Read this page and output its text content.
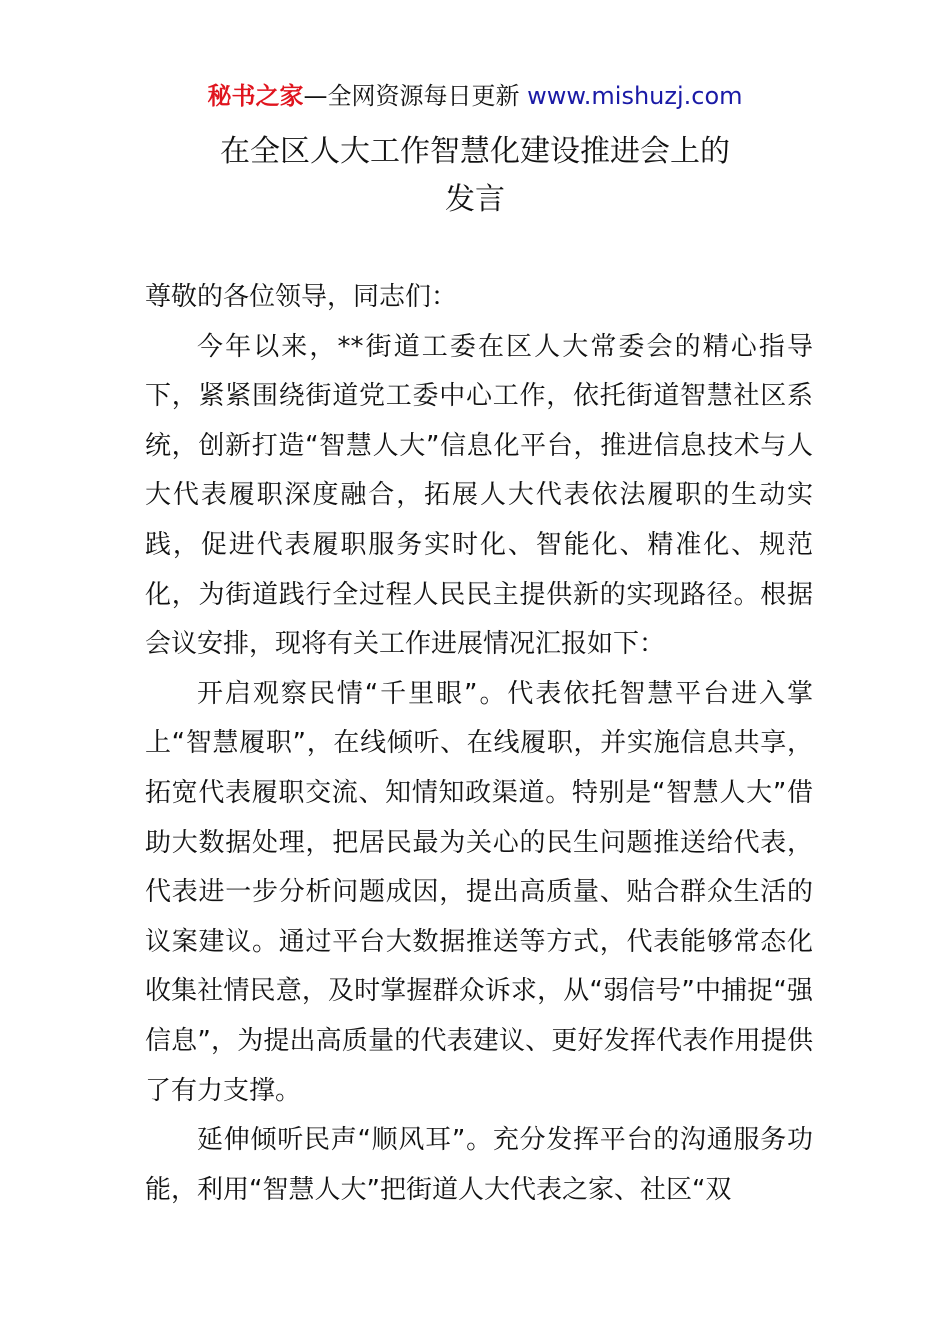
秘书之家—全网资源每日更新 www.mishuzj.com
在全区人大工作智慧化建设推进会上的
发言

尊敬的各位领导，同志们：

今年以来，**街道工委在区人大常委会的精心指导下，紧紧围绕街道党工委中心工作，依托街道智慧社区系统，创新打造“智慧人大”信息化平台，推进信息技术与人大代表履职深度融合，拓展人大代表依法履职的生动实践，促进代表履职服务实时化、智能化、精准化、规范化，为街道践行全过程人民民主提供新的实现路径。根据会议安排，现将有关工作进展情况汇报如下：

开启观察民情“千里眼”。代表依托智慧平台进入掌上“智慧履职”，在线倾听、在线履职，并实施信息共享，拓宽代表履职交流、知情知政渠道。特别是“智慧人大”借助大数据处理，把居民最为关心的民生问题推送给代表，代表进一步分析问题成因，提出高质量、贴合群众生活的议案建议。通过平台大数据推送等方式，代表能够常态化收集社情民意，及时掌握群众诉求，从“弱信号”中捕捉“强信息”，为提出高质量的代表建议、更好发挥代表作用提供了有力支撑。

延伸倾听民声“顺风耳”。充分发挥平台的沟通服务功能，利用“智慧人大”把街道人大代表之家、社区“双
